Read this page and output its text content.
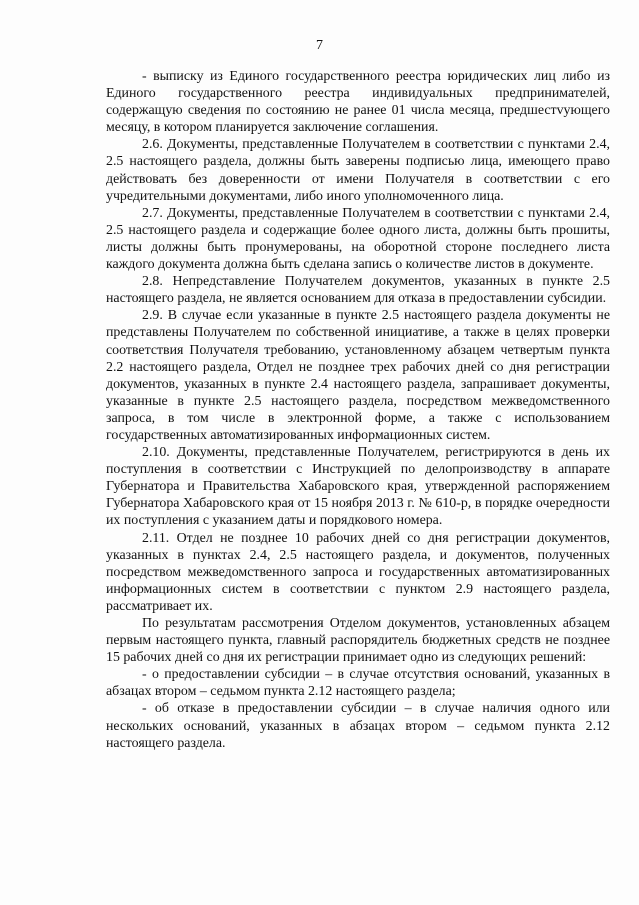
7

- выписку из Единого государственного реестра юридических лиц либо из Единого государственного реестра индивидуальных предпринимателей, содержащую сведения по состоянию не ранее 01 числа месяца, предшестvующего месяцу, в котором планируется заключение соглашения.

2.6. Документы, представленные Получателем в соответствии с пунктами 2.4, 2.5 настоящего раздела, должны быть заверены подписью лица, имеющего право действовать без доверенности от имени Получателя в соответствии с его учредительными документами, либо иного уполномоченного лица.

2.7. Документы, представленные Получателем в соответствии с пунктами 2.4, 2.5 настоящего раздела и содержащие более одного листа, должны быть прошиты, листы должны быть пронумерованы, на оборотной стороне последнего листа каждого документа должна быть сделана запись о количестве листов в документе.

2.8. Непредставление Получателем документов, указанных в пункте 2.5 настоящего раздела, не является основанием для отказа в предоставлении субсидии.

2.9. В случае если указанные в пункте 2.5 настоящего раздела документы не представлены Получателем по собственной инициативе, а также в целях проверки соответствия Получателя требованию, установленному абзацем четвертым пункта 2.2 настоящего раздела, Отдел не позднее трех рабочих дней со дня регистрации документов, указанных в пункте 2.4 настоящего раздела, запрашивает документы, указанные в пункте 2.5 настоящего раздела, посредством межведомственного запроса, в том числе в электронной форме, а также с использованием государственных автоматизированных информационных систем.

2.10. Документы, представленные Получателем, регистрируются в день их поступления в соответствии с Инструкцией по делопроизводству в аппарате Губернатора и Правительства Хабаровского края, утвержденной распоряжением Губернатора Хабаровского края от 15 ноября 2013 г. № 610-р, в порядке очередности их поступления с указанием даты и порядкового номера.

2.11. Отдел не позднее 10 рабочих дней со дня регистрации документов, указанных в пунктах 2.4, 2.5 настоящего раздела, и документов, полученных посредством межведомственного запроса и государственных автоматизированных информационных систем в соответствии с пунктом 2.9 настоящего раздела, рассматривает их.

По результатам рассмотрения Отделом документов, установленных абзацем первым настоящего пункта, главный распорядитель бюджетных средств не позднее 15 рабочих дней со дня их регистрации принимает одно из следующих решений:

- о предоставлении субсидии – в случае отсутствия оснований, указанных в абзацах втором – седьмом пункта 2.12 настоящего раздела;

- об отказе в предоставлении субсидии – в случае наличия одного или нескольких оснований, указанных в абзацах втором – седьмом пункта 2.12 настоящего раздела.
